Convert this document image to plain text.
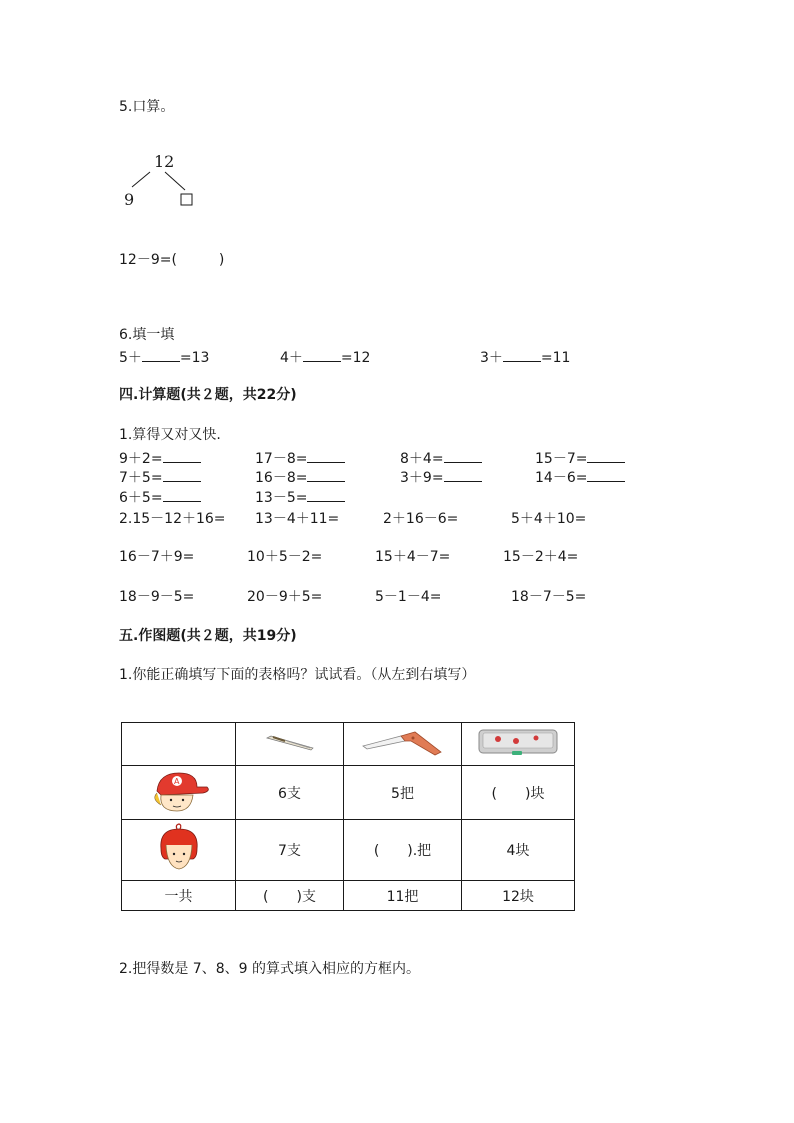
5.口算。
12
9
12－9=(　　　)
6.填一填
5＋	=13	4＋	=12	3＋	=11
四.计算题(共２题，共22分)
1.算得又对又快.
9＋2=	17－8=	8＋4=	15－7=
7＋5=	16－8=	3＋9=	14－6=
6＋5=	13－5=
2.15－12＋16= 13－4＋11=	2＋16－6=	5＋4＋10=
16－7＋9=	10＋5－2=	15＋4－7=	15－2＋4=
18－9－5=	20－9＋5=	5－1－4=	18－7－5=
五.作图题(共２题，共19分)
1.你能正确填写下面的表格吗？试试看。（从左到右填写）

A	6支	5把	(　　)块
	7支	(　　).把	4块
一共	(　　)支	11把	12块
2.把得数是 7、8、9 的算式填入相应的方框内。
